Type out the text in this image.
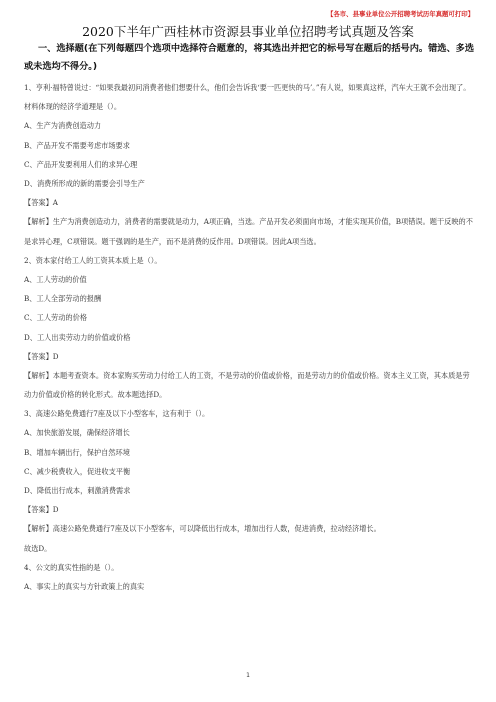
【各市、县事业单位公开招聘考试历年真题可打印】
2020下半年广西桂林市资源县事业单位招聘考试真题及答案
一、选择题(在下列每题四个选项中选择符合题意的，将其选出并把它的标号写在题后的括号内。错选、多选或未选均不得分。)
1、亨利·福特曾说过：“如果我最初问消费者他们想要什么，他们会告诉我‘要一匹更快的马’。”有人说，如果真这样，汽车大王就不会出现了。材料体现的经济学道理是（）。
A、生产为消费创造动力
B、产品开发不需要考虑市场要求
C、产品开发要利用人们的求异心理
D、消费所形成的新的需要会引导生产
【答案】A
【解析】生产为消费创造动力，消费者的需要就是动力，A项正确，当选。产品开发必须面向市场，才能实现其价值，B项错误。题干反映的不是求异心理，C项错误。题干强调的是生产，而不是消费的反作用。D项错误。因此A项当选。
2、资本家付给工人的工资其本质上是（）。
A、工人劳动的价值
B、工人全部劳动的报酬
C、工人劳动的价格
D、工人出卖劳动力的价值或价格
【答案】D
【解析】本题考查资本。资本家购买劳动力付给工人的工资，不是劳动的价值或价格，而是劳动力的价值或价格。资本主义工资，其本质是劳动力价值或价格的转化形式。故本题选择D。
3、高速公路免费通行7座及以下小型客车，这有利于（）。
A、加快旅游发展，确保经济增长
B、增加车辆出行，保护自然环境
C、减少税费收入，促进收支平衡
D、降低出行成本，刺激消费需求
【答案】D
【解析】高速公路免费通行7座及以下小型客车，可以降低出行成本，增加出行人数，促进消费，拉动经济增长。
故选D。
4、公文的真实性指的是（）。
A、事实上的真实与方针政策上的真实
1
